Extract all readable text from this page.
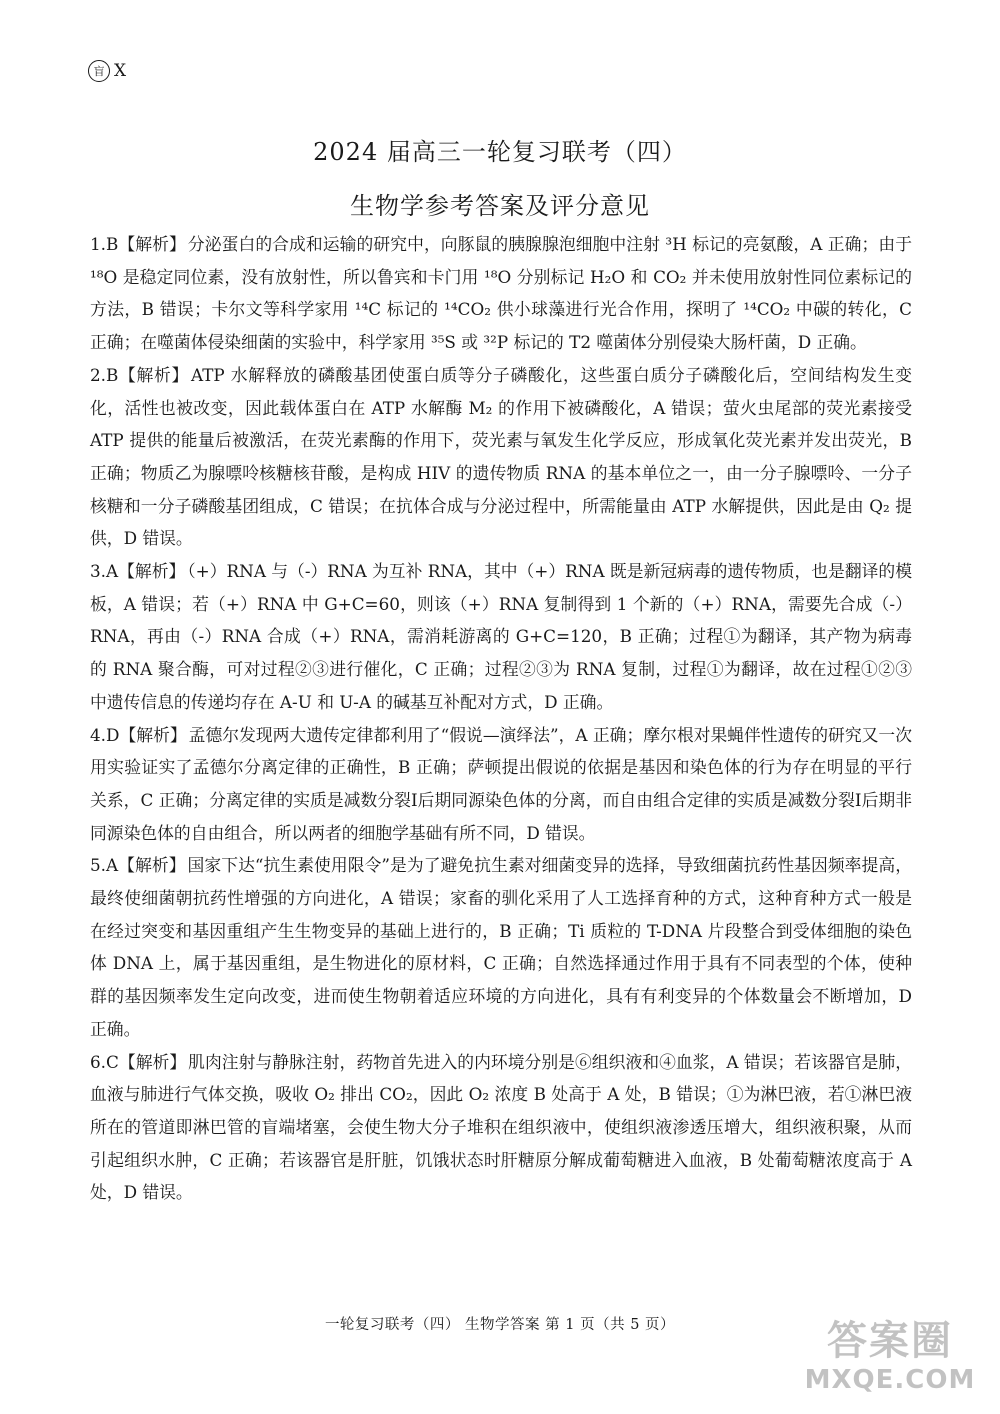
盲 X
2024 届高三一轮复习联考（四）
生物学参考答案及评分意见

1.B【解析】 分泌蛋白的合成和运输的研究中，向豚鼠的胰腺腺泡细胞中注射 ³H 标记的亮氨酸，A 正确；由于 ¹⁸O 是稳定同位素，没有放射性，所以鲁宾和卡门用 ¹⁸O 分别标记 H₂O 和 CO₂ 并未使用放射性同位素标记的方法，B 错误；卡尔文等科学家用 ¹⁴C 标记的 ¹⁴CO₂ 供小球藻进行光合作用，探明了 ¹⁴CO₂ 中碳的转化，C 正确；在噬菌体侵染细菌的实验中，科学家用 ³⁵S 或 ³²P 标记的 T2 噬菌体分别侵染大肠杆菌，D 正确。

2.B【解析】 ATP 水解释放的磷酸基团使蛋白质等分子磷酸化，这些蛋白质分子磷酸化后，空间结构发生变化，活性也被改变，因此载体蛋白在 ATP 水解酶 M₂ 的作用下被磷酸化，A 错误；萤火虫尾部的荧光素接受 ATP 提供的能量后被激活，在荧光素酶的作用下，荧光素与氧发生化学反应，形成氧化荧光素并发出荧光，B 正确；物质乙为腺嘌呤核糖核苷酸，是构成 HIV 的遗传物质 RNA 的基本单位之一，由一分子腺嘌呤、一分子核糖和一分子磷酸基团组成，C 错误；在抗体合成与分泌过程中，所需能量由 ATP 水解提供，因此是由 Q₂ 提供，D 错误。

3.A【解析】 （+）RNA 与（-）RNA 为互补 RNA，其中（+）RNA 既是新冠病毒的遗传物质，也是翻译的模板，A 错误；若（+）RNA 中 G+C=60，则该（+）RNA 复制得到 1 个新的（+）RNA，需要先合成（-）RNA，再由（-）RNA 合成（+）RNA，需消耗游离的 G+C=120，B 正确；过程①为翻译，其产物为病毒的 RNA 聚合酶，可对过程②③进行催化，C 正确；过程②③为 RNA 复制，过程①为翻译，故在过程①②③中遗传信息的传递均存在 A-U 和 U-A 的碱基互补配对方式，D 正确。

4.D【解析】 孟德尔发现两大遗传定律都利用了“假说—演绎法”，A 正确；摩尔根对果蝇伴性遗传的研究又一次用实验证实了孟德尔分离定律的正确性，B 正确；萨顿提出假说的依据是基因和染色体的行为存在明显的平行关系，C 正确；分离定律的实质是减数分裂Ⅰ后期同源染色体的分离，而自由组合定律的实质是减数分裂Ⅰ后期非同源染色体的自由组合，所以两者的细胞学基础有所不同，D 错误。

5.A【解析】 国家下达“抗生素使用限令”是为了避免抗生素对细菌变异的选择，导致细菌抗药性基因频率提高，最终使细菌朝抗药性增强的方向进化，A 错误；家畜的驯化采用了人工选择育种的方式，这种育种方式一般是在经过突变和基因重组产生生物变异的基础上进行的，B 正确；Ti 质粒的 T-DNA 片段整合到受体细胞的染色体 DNA 上，属于基因重组，是生物进化的原材料，C 正确；自然选择通过作用于具有不同表型的个体，使种群的基因频率发生定向改变，进而使生物朝着适应环境的方向进化，具有有利变异的个体数量会不断增加，D 正确。

6.C【解析】 肌肉注射与静脉注射，药物首先进入的内环境分别是⑥组织液和④血浆，A 错误；若该器官是肺，血液与肺进行气体交换，吸收 O₂ 排出 CO₂，因此 O₂ 浓度 B 处高于 A 处，B 错误；①为淋巴液，若①淋巴液所在的管道即淋巴管的盲端堵塞，会使生物大分子堆积在组织液中，使组织液渗透压增大，组织液积聚，从而引起组织水肿，C 正确；若该器官是肝脏，饥饿状态时肝糖原分解成葡萄糖进入血液，B 处葡萄糖浓度高于 A 处，D 错误。

一轮复习联考（四） 生物学答案 第 1 页（共 5 页）	答案圈
MXQE.COM
